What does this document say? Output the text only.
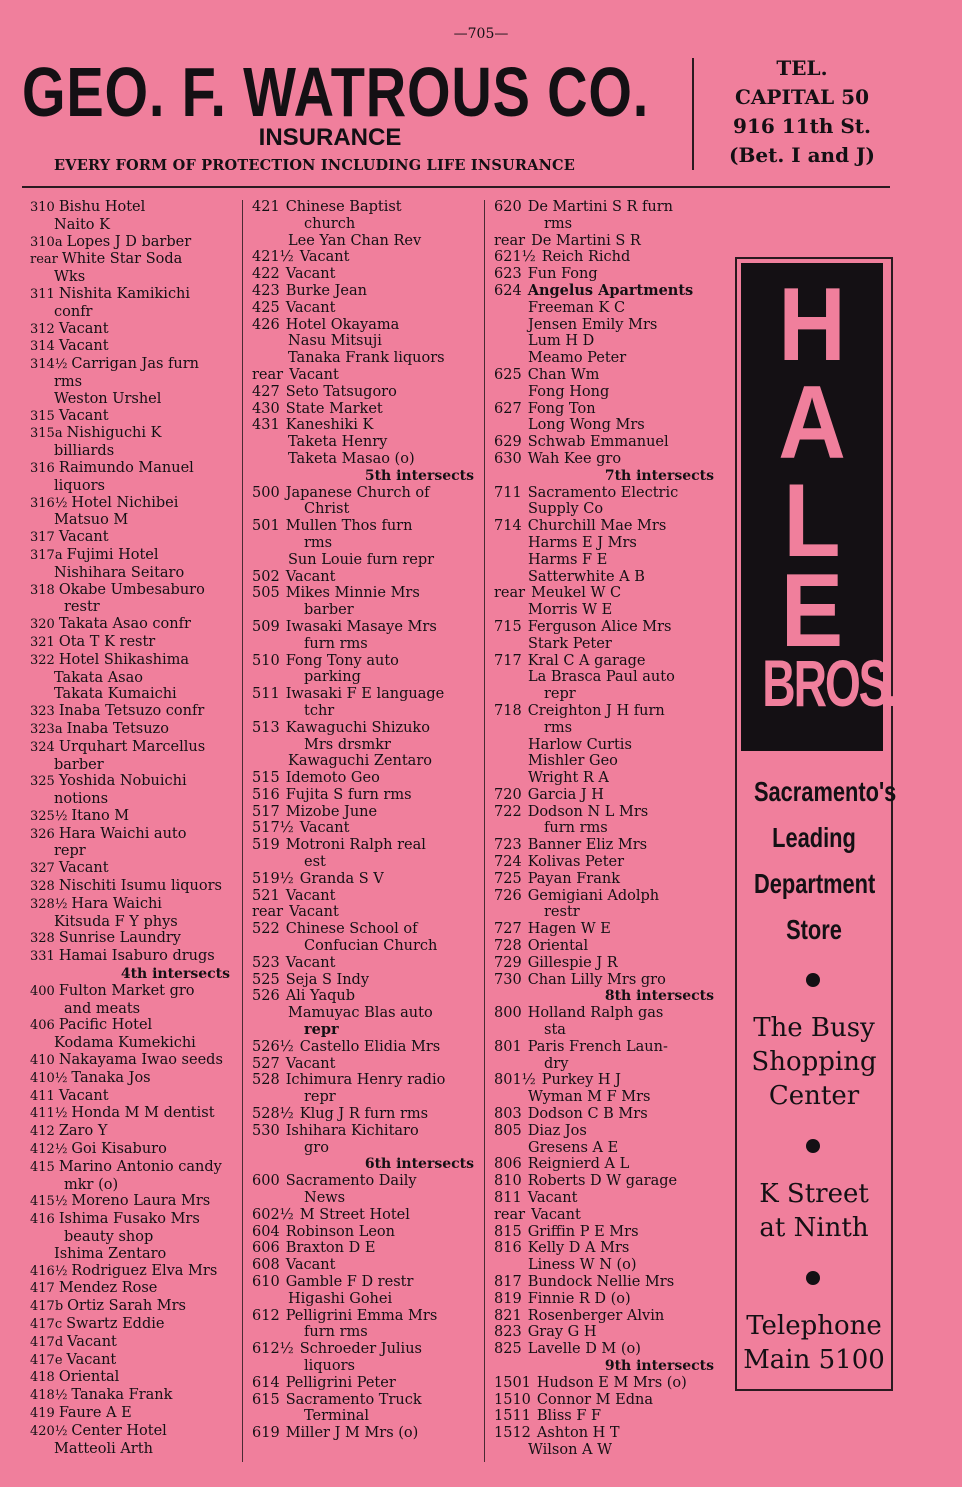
—705—
GEO. F. WATROUS CO.
INSURANCE
EVERY FORM OF PROTECTION INCLUDING LIFE INSURANCE
TEL.
CAPITAL 50
916 11th St.
(Bet. I and J)
310 Bishu Hotel
Naito K
310a Lopes J D barber
rear White Star Soda
Wks
311 Nishita Kamikichi
confr
312 Vacant
314 Vacant
314½ Carrigan Jas furn
rms
Weston Urshel
315 Vacant
315a Nishiguchi K
billiards
316 Raimundo Manuel
liquors
316½ Hotel Nichibei
Matsuo M
317 Vacant
317a Fujimi Hotel
Nishihara Seitaro
318 Okabe Umbesaburo
restr
320 Takata Asao confr
321 Ota T K restr
322 Hotel Shikashima
Takata Asao
Takata Kumaichi
323 Inaba Tetsuzo confr
323a Inaba Tetsuzo
324 Urquhart Marcellus
barber
325 Yoshida Nobuichi
notions
325½ Itano M
326 Hara Waichi auto
repr
327 Vacant
328 Nischiti Isumu liquors
328½ Hara Waichi
Kitsuda F Y phys
328 Sunrise Laundry
331 Hamai Isaburo drugs
4th intersects
400 Fulton Market gro
and meats
406 Pacific Hotel
Kodama Kumekichi
410 Nakayama Iwao seeds
410½ Tanaka Jos
411 Vacant
411½ Honda M M dentist
412 Zaro Y
412½ Goi Kisaburo
415 Marino Antonio candy
mkr (o)
415½ Moreno Laura Mrs
416 Ishima Fusako Mrs
beauty shop
Ishima Zentaro
416½ Rodriguez Elva Mrs
417 Mendez Rose
417b Ortiz Sarah Mrs
417c Swartz Eddie
417d Vacant
417e Vacant
418 Oriental
418½ Tanaka Frank
419 Faure A E
420½ Center Hotel
Matteoli Arth
421 Chinese Baptist
church
Lee Yan Chan Rev
421½ Vacant
422 Vacant
423 Burke Jean
425 Vacant
426 Hotel Okayama
Nasu Mitsuji
Tanaka Frank liquors
rear Vacant
427 Seto Tatsugoro
430 State Market
431 Kaneshiki K
Taketa Henry
Taketa Masao (o)
5th intersects
500 Japanese Church of
Christ
501 Mullen Thos furn
rms
Sun Louie furn repr
502 Vacant
505 Mikes Minnie Mrs
barber
509 Iwasaki Masaye Mrs
furn rms
510 Fong Tony auto
parking
511 Iwasaki F E language
tchr
513 Kawaguchi Shizuko
Mrs drsmkr
Kawaguchi Zentaro
515 Idemoto Geo
516 Fujita S furn rms
517 Mizobe June
517½ Vacant
519 Motroni Ralph real
est
519½ Granda S V
521 Vacant
rear Vacant
522 Chinese School of
Confucian Church
523 Vacant
525 Seja S Indy
526 Ali Yaqub
Mamuyac Blas auto
repr
526½ Castello Elidia Mrs
527 Vacant
528 Ichimura Henry radio
repr
528½ Klug J R furn rms
530 Ishihara Kichitaro
gro
6th intersects
600 Sacramento Daily
News
602½ M Street Hotel
604 Robinson Leon
606 Braxton D E
608 Vacant
610 Gamble F D restr
Higashi Gohei
612 Pelligrini Emma Mrs
furn rms
612½ Schroeder Julius
liquors
614 Pelligrini Peter
615 Sacramento Truck
Terminal
619 Miller J M Mrs (o)
620 De Martini S R furn
rms
rear De Martini S R
621½ Reich Richd
623 Fun Fong
624 Angelus Apartments
Freeman K C
Jensen Emily Mrs
Lum H D
Meamo Peter
625 Chan Wm
Fong Hong
627 Fong Ton
Long Wong Mrs
629 Schwab Emmanuel
630 Wah Kee gro
7th intersects
711 Sacramento Electric
Supply Co
714 Churchill Mae Mrs
Harms E J Mrs
Harms F E
Satterwhite A B
rear Meukel W C
Morris W E
715 Ferguson Alice Mrs
Stark Peter
717 Kral C A garage
La Brasca Paul auto
repr
718 Creighton J H furn
rms
Harlow Curtis
Mishler Geo
Wright R A
720 Garcia J H
722 Dodson N L Mrs
furn rms
723 Banner Eliz Mrs
724 Kolivas Peter
725 Payan Frank
726 Gemigiani Adolph
restr
727 Hagen W E
728 Oriental
729 Gillespie J R
730 Chan Lilly Mrs gro
8th intersects
800 Holland Ralph gas
sta
801 Paris French Laun-
dry
801½ Purkey H J
Wyman M F Mrs
803 Dodson C B Mrs
805 Diaz Jos
Gresens A E
806 Reignierd A L
810 Roberts D W garage
811 Vacant
rear Vacant
815 Griffin P E Mrs
816 Kelly D A Mrs
Liness W N (o)
817 Bundock Nellie Mrs
819 Finnie R D (o)
821 Rosenberger Alvin
823 Gray G H
825 Lavelle D M (o)
9th intersects
1501 Hudson E M Mrs (o)
1510 Connor M Edna
1511 Bliss F F
1512 Ashton H T
Wilson A W
H
A
L
E
BROS.
Sacramento's
Leading
Department
Store
The Busy
Shopping
Center
K Street
at Ninth
Telephone
Main 5100
